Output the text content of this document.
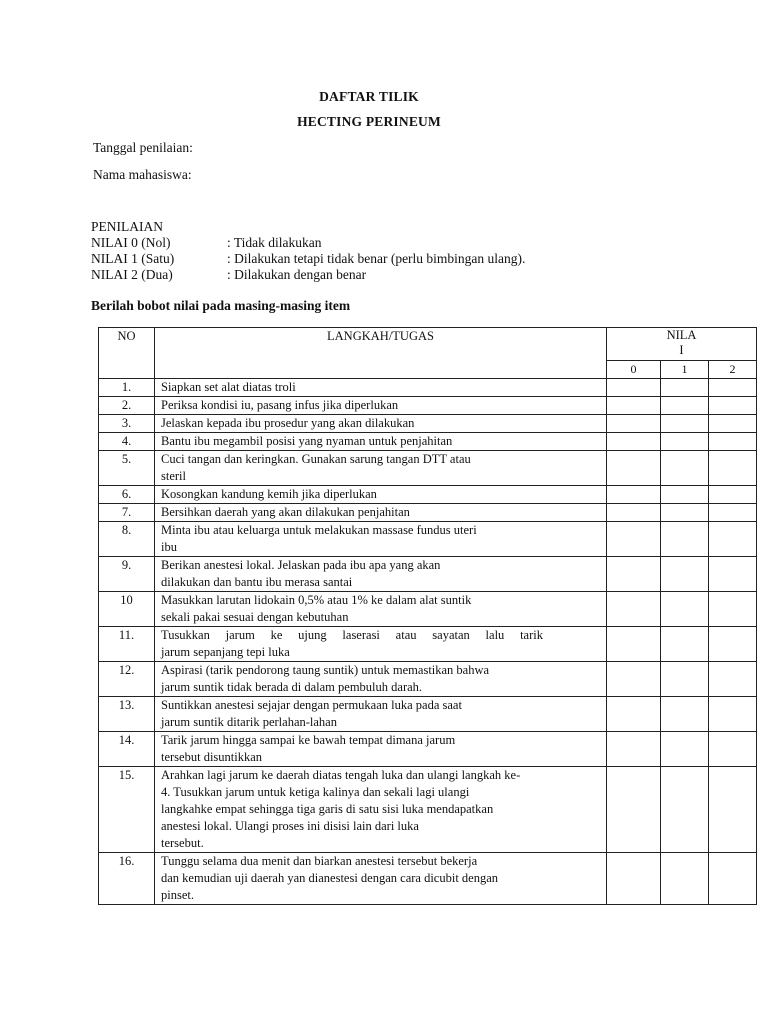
DAFTAR TILIK
HECTING PERINEUM
Tanggal penilaian:
Nama mahasiswa:
PENILAIAN
NILAI 0 (Nol)	: Tidak dilakukan
NILAI 1 (Satu)	: Dilakukan tetapi tidak benar (perlu bimbingan ulang).
NILAI 2 (Dua)	: Dilakukan dengan benar
Berilah bobot nilai pada masing-masing item
NO	LANGKAH/TUGAS	NILA
I		

		0	1	2
1.	Siapkan set alat diatas troli			

2.	Periksa kondisi iu, pasang infus jika diperlukan			

3.	Jelaskan kepada ibu prosedur yang akan dilakukan			

4.	Bantu ibu megambil posisi yang nyaman untuk penjahitan			

5.	Cuci tangan dan keringkan. Gunakan sarung tangan DTT atau
steril			

6.	Kosongkan kandung kemih jika diperlukan			

7.	Bersihkan daerah yang akan dilakukan penjahitan			

8.	Minta ibu atau keluarga untuk melakukan massase fundus uteri
ibu			

9.	Berikan anestesi lokal. Jelaskan pada ibu apa yang akan
dilakukan dan bantu ibu merasa santai			

10	Masukkan larutan lidokain 0,5% atau 1% ke dalam alat suntik
sekali pakai sesuai dengan kebutuhan			

11.	Tusukkan jarum ke ujung laserasi atau sayatan lalu tarik
jarum sepanjang tepi luka			

12.	Aspirasi (tarik pendorong taung suntik) untuk memastikan bahwa
jarum suntik tidak berada di dalam pembuluh darah.			

13.	Suntikkan anestesi sejajar dengan permukaan luka pada saat
jarum suntik ditarik perlahan-lahan			

14.	Tarik jarum hingga sampai ke bawah tempat dimana jarum
tersebut disuntikkan			

15.	Arahkan lagi jarum ke daerah diatas tengah luka dan ulangi langkah ke-
4. Tusukkan jarum untuk ketiga kalinya dan sekali lagi ulangi
langkahke empat sehingga tiga garis di satu sisi luka mendapatkan
anestesi lokal. Ulangi proses ini disisi lain dari luka
tersebut.			

16.	Tunggu selama dua menit dan biarkan anestesi tersebut bekerja
dan kemudian uji daerah yan dianestesi dengan cara dicubit dengan
pinset.			
